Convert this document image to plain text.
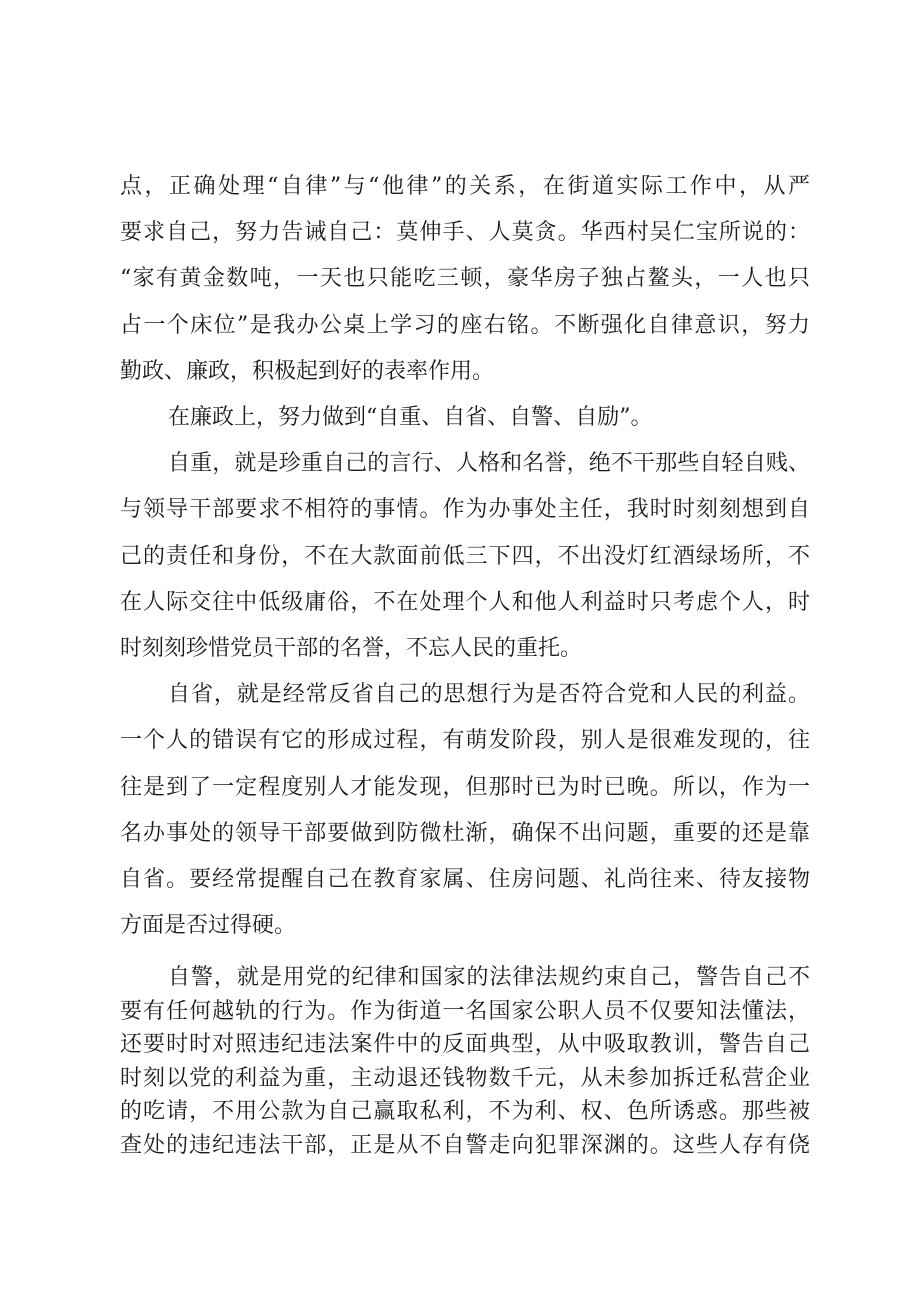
点，正确处理“自律”与“他律”的关系，在街道实际工作中，从严
要求自己，努力告诫自己：莫伸手、人莫贪。华西村吴仁宝所说的：
“家有黄金数吨，一天也只能吃三顿，豪华房子独占鳌头，一人也只
占一个床位”是我办公桌上学习的座右铭。不断强化自律意识，努力
勤政、廉政，积极起到好的表率作用。
在廉政上，努力做到“自重、自省、自警、自励”。
自重，就是珍重自己的言行、人格和名誉，绝不干那些自轻自贱、
与领导干部要求不相符的事情。作为办事处主任，我时时刻刻想到自
己的责任和身份，不在大款面前低三下四，不出没灯红酒绿场所，不
在人际交往中低级庸俗，不在处理个人和他人利益时只考虑个人，时
时刻刻珍惜党员干部的名誉，不忘人民的重托。
自省，就是经常反省自己的思想行为是否符合党和人民的利益。
一个人的错误有它的形成过程，有萌发阶段，别人是很难发现的，往
往是到了一定程度别人才能发现，但那时已为时已晚。所以，作为一
名办事处的领导干部要做到防微杜渐，确保不出问题，重要的还是靠
自省。要经常提醒自己在教育家属、住房问题、礼尚往来、待友接物
方面是否过得硬。
自警，就是用党的纪律和国家的法律法规约束自己，警告自己不
要有任何越轨的行为。作为街道一名国家公职人员不仅要知法懂法，
还要时时对照违纪违法案件中的反面典型，从中吸取教训，警告自己
时刻以党的利益为重，主动退还钱物数千元，从未参加拆迁私营企业
的吃请，不用公款为自己赢取私利，不为利、权、色所诱惑。那些被
查处的违纪违法干部，正是从不自警走向犯罪深渊的。这些人存有侥
